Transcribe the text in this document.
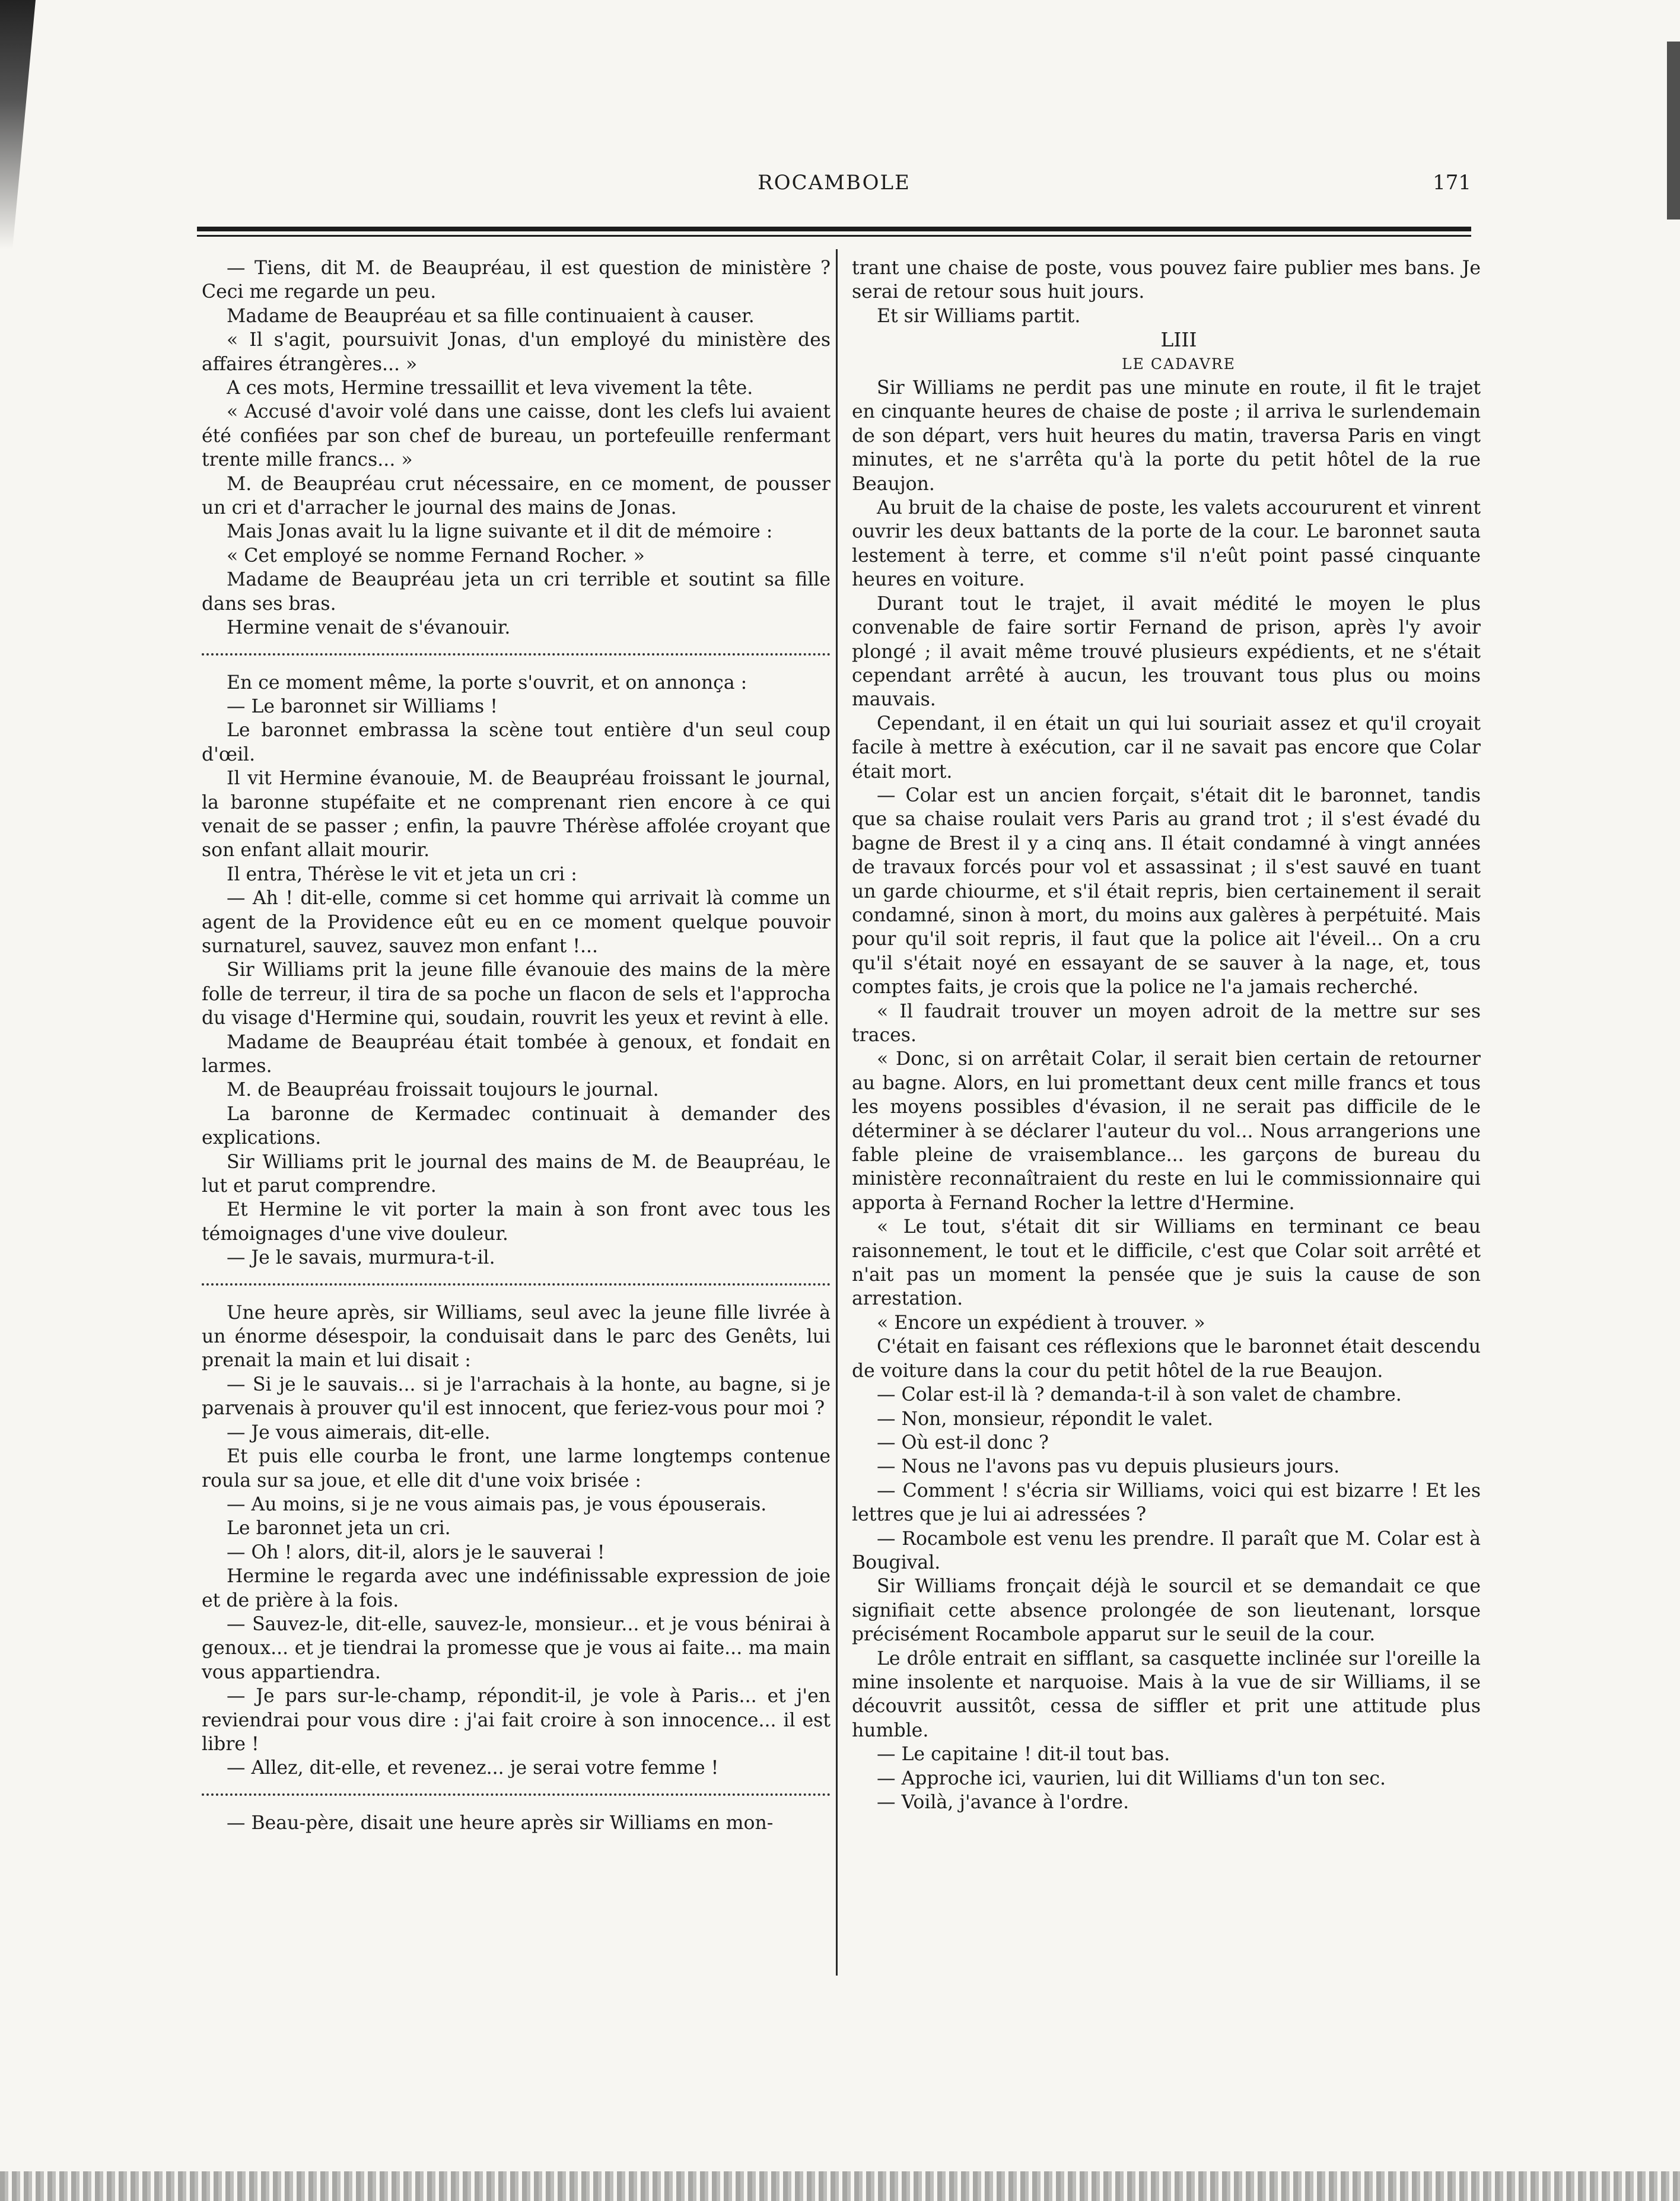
ROCAMBOLE	171

— Tiens, dit M. de Beaupréau, il est question de ministère ? Ceci me regarde un peu.

Madame de Beaupréau et sa fille continuaient à causer.

« Il s'agit, poursuivit Jonas, d'un employé du ministère des affaires étrangères... »

A ces mots, Hermine tressaillit et leva vivement la tête.

« Accusé d'avoir volé dans une caisse, dont les clefs lui avaient été confiées par son chef de bureau, un portefeuille renfermant trente mille francs... »

M. de Beaupréau crut nécessaire, en ce moment, de pousser un cri et d'arracher le journal des mains de Jonas.

Mais Jonas avait lu la ligne suivante et il dit de mémoire :

« Cet employé se nomme Fernand Rocher. »

Madame de Beaupréau jeta un cri terrible et soutint sa fille dans ses bras.

Hermine venait de s'évanouir.

En ce moment même, la porte s'ouvrit, et on annonça :

— Le baronnet sir Williams !

Le baronnet embrassa la scène tout entière d'un seul coup d'œil.

Il vit Hermine évanouie, M. de Beaupréau froissant le journal, la baronne stupéfaite et ne comprenant rien encore à ce qui venait de se passer ; enfin, la pauvre Thérèse affolée croyant que son enfant allait mourir.

Il entra, Thérèse le vit et jeta un cri :

— Ah ! dit-elle, comme si cet homme qui arrivait là comme un agent de la Providence eût eu en ce moment quelque pouvoir surnaturel, sauvez, sauvez mon enfant !...

Sir Williams prit la jeune fille évanouie des mains de la mère folle de terreur, il tira de sa poche un flacon de sels et l'approcha du visage d'Hermine qui, soudain, rouvrit les yeux et revint à elle.

Madame de Beaupréau était tombée à genoux, et fondait en larmes.

M. de Beaupréau froissait toujours le journal.

La baronne de Kermadec continuait à demander des explications.

Sir Williams prit le journal des mains de M. de Beaupréau, le lut et parut comprendre.

Et Hermine le vit porter la main à son front avec tous les témoignages d'une vive douleur.

— Je le savais, murmura-t-il.

Une heure après, sir Williams, seul avec la jeune fille livrée à un énorme désespoir, la conduisait dans le parc des Genêts, lui prenait la main et lui disait :

— Si je le sauvais... si je l'arrachais à la honte, au bagne, si je parvenais à prouver qu'il est innocent, que feriez-vous pour moi ?

— Je vous aimerais, dit-elle.

Et puis elle courba le front, une larme longtemps contenue roula sur sa joue, et elle dit d'une voix brisée :

— Au moins, si je ne vous aimais pas, je vous épouserais.

Le baronnet jeta un cri.

— Oh ! alors, dit-il, alors je le sauverai !

Hermine le regarda avec une indéfinissable expression de joie et de prière à la fois.

— Sauvez-le, dit-elle, sauvez-le, monsieur... et je vous bénirai à genoux... et je tiendrai la promesse que je vous ai faite... ma main vous appartiendra.

— Je pars sur-le-champ, répondit-il, je vole à Paris... et j'en reviendrai pour vous dire : j'ai fait croire à son innocence... il est libre !

— Allez, dit-elle, et revenez... je serai votre femme !

— Beau-père, disait une heure après sir Williams en mon-

trant une chaise de poste, vous pouvez faire publier mes bans. Je serai de retour sous huit jours.

Et sir Williams partit.

LIII

LE CADAVRE

Sir Williams ne perdit pas une minute en route, il fit le trajet en cinquante heures de chaise de poste ; il arriva le surlendemain de son départ, vers huit heures du matin, traversa Paris en vingt minutes, et ne s'arrêta qu'à la porte du petit hôtel de la rue Beaujon.

Au bruit de la chaise de poste, les valets accoururent et vinrent ouvrir les deux battants de la porte de la cour. Le baronnet sauta lestement à terre, et comme s'il n'eût point passé cinquante heures en voiture.

Durant tout le trajet, il avait médité le moyen le plus convenable de faire sortir Fernand de prison, après l'y avoir plongé ; il avait même trouvé plusieurs expédients, et ne s'était cependant arrêté à aucun, les trouvant tous plus ou moins mauvais.

Cependant, il en était un qui lui souriait assez et qu'il croyait facile à mettre à exécution, car il ne savait pas encore que Colar était mort.

— Colar est un ancien forçait, s'était dit le baronnet, tandis que sa chaise roulait vers Paris au grand trot ; il s'est évadé du bagne de Brest il y a cinq ans. Il était condamné à vingt années de travaux forcés pour vol et assassinat ; il s'est sauvé en tuant un garde chiourme, et s'il était repris, bien certainement il serait condamné, sinon à mort, du moins aux galères à perpétuité. Mais pour qu'il soit repris, il faut que la police ait l'éveil... On a cru qu'il s'était noyé en essayant de se sauver à la nage, et, tous comptes faits, je crois que la police ne l'a jamais recherché.

« Il faudrait trouver un moyen adroit de la mettre sur ses traces.

« Donc, si on arrêtait Colar, il serait bien certain de retourner au bagne. Alors, en lui promettant deux cent mille francs et tous les moyens possibles d'évasion, il ne serait pas difficile de le déterminer à se déclarer l'auteur du vol... Nous arrangerions une fable pleine de vraisemblance... les garçons de bureau du ministère reconnaîtraient du reste en lui le commissionnaire qui apporta à Fernand Rocher la lettre d'Hermine.

« Le tout, s'était dit sir Williams en terminant ce beau raisonnement, le tout et le difficile, c'est que Colar soit arrêté et n'ait pas un moment la pensée que je suis la cause de son arrestation.

« Encore un expédient à trouver. »

C'était en faisant ces réflexions que le baronnet était descendu de voiture dans la cour du petit hôtel de la rue Beaujon.

— Colar est-il là ? demanda-t-il à son valet de chambre.

— Non, monsieur, répondit le valet.

— Où est-il donc ?

— Nous ne l'avons pas vu depuis plusieurs jours.

— Comment ! s'écria sir Williams, voici qui est bizarre ! Et les lettres que je lui ai adressées ?

— Rocambole est venu les prendre. Il paraît que M. Colar est à Bougival.

Sir Williams fronçait déjà le sourcil et se demandait ce que signifiait cette absence prolongée de son lieutenant, lorsque précisément Rocambole apparut sur le seuil de la cour.

Le drôle entrait en sifflant, sa casquette inclinée sur l'oreille la mine insolente et narquoise. Mais à la vue de sir Williams, il se découvrit aussitôt, cessa de siffler et prit une attitude plus humble.

— Le capitaine ! dit-il tout bas.

— Approche ici, vaurien, lui dit Williams d'un ton sec.

— Voilà, j'avance à l'ordre.
